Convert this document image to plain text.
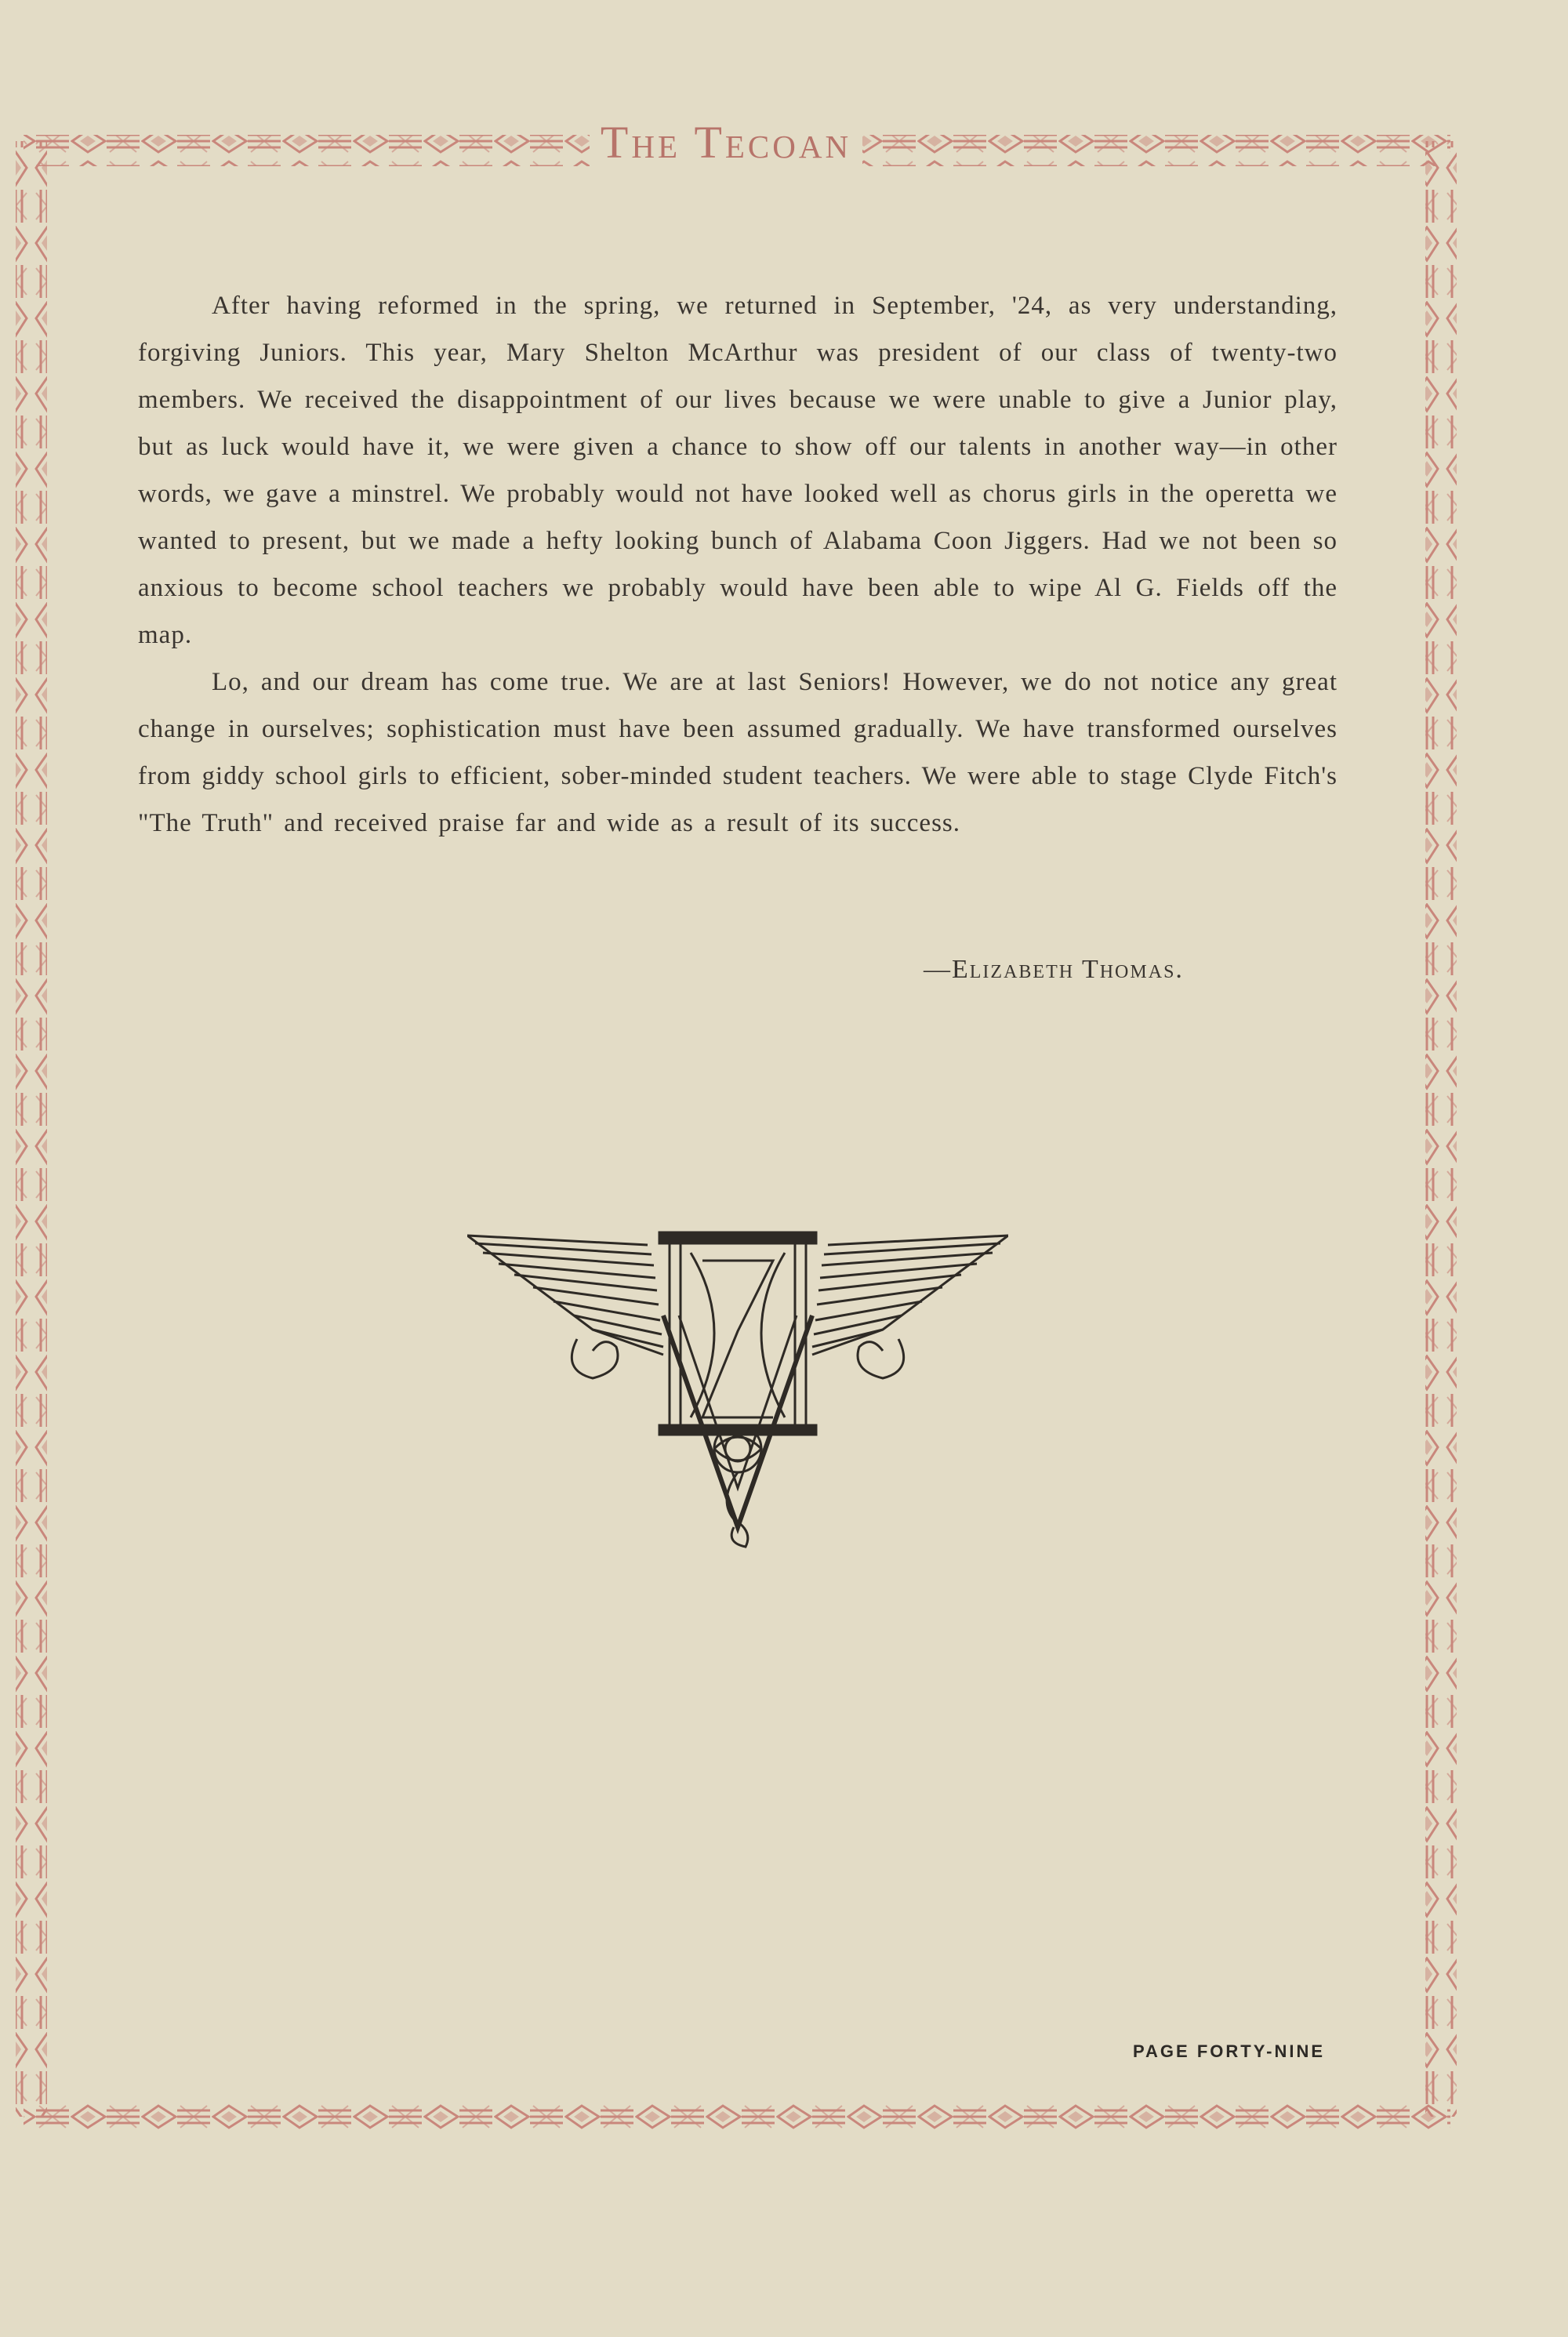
The Tecoan

After having reformed in the spring, we returned in September, '24, as very understanding, forgiving Juniors. This year, Mary Shelton McArthur was president of our class of twenty-two members. We received the disappointment of our lives because we were unable to give a Junior play, but as luck would have it, we were given a chance to show off our talents in another way—in other words, we gave a minstrel. We probably would not have looked well as chorus girls in the operetta we wanted to present, but we made a hefty looking bunch of Alabama Coon Jiggers. Had we not been so anxious to become school teachers we probably would have been able to wipe Al G. Fields off the map.

Lo, and our dream has come true. We are at last Seniors! However, we do not notice any great change in ourselves; sophistication must have been assumed gradually. We have transformed ourselves from giddy school girls to efficient, sober-minded student teachers. We were able to stage Clyde Fitch's "The Truth" and received praise far and wide as a result of its success.

—Elizabeth Thomas.
PAGE FORTY-NINE
